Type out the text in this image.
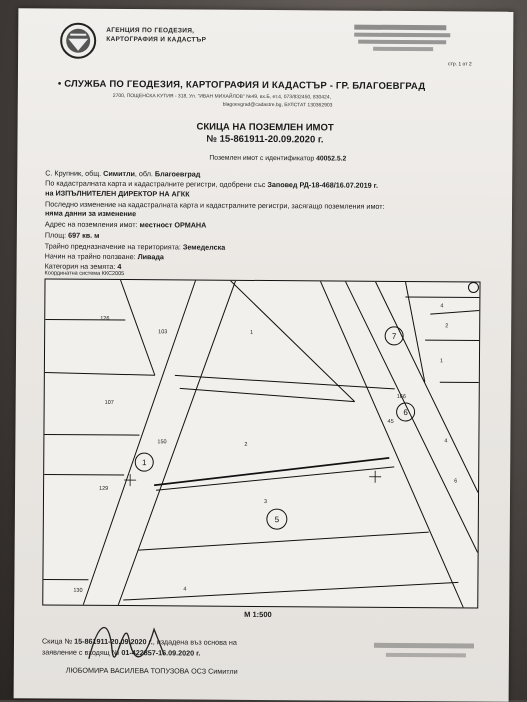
АГЕНЦИЯ ПО ГЕОДЕЗИЯ,
КАРТОГРАФИЯ И КАДАСТЪР
стр. 1 от 2
• СЛУЖБА ПО ГЕОДЕЗИЯ, КАРТОГРАФИЯ И КАДАСТЪР - ГР. БЛАГОЕВГРАД
2700, ПОЩЕНСКА КУТИЯ - 318, Ул. "ИВАН МИХАЙЛОВ" №49, вх.Б, ет.4, 073/832450, 830424,
blagoevgrad@cadastre.bg, БУЛСТАТ 130362903
СКИЦА НА ПОЗЕМЛЕН ИМОТ
№ 15-861911-20.09.2020 г.
Поземлен имот с идентификатор 40052.5.2
С. Крупник, общ. Симитли, обл. Благоевград
По кадастралната карта и кадастралните регистри, одобрени със Заповед РД-18-468/16.07.2019 г.
на ИЗПЪЛНИТЕЛЕН ДИРЕКТОР НА АГКК
Последно изменение на кадастралната карта и кадастралните регистри, засягащо поземления имот:
няма данни за изменение
Адрес на поземления имот: местност ОРМАНА
Площ: 697 кв. м
Трайно предназначение на територията: Земеделска
Начин на трайно ползване: Ливада
Категория на земята: 4
Координатна система ККС2005
1
5
6
7
126
103	1
107
150	2
129
3
4
130
4
166
45
4
2
1
6
М 1:500
Скица № 15-861911-20.09.2020 г., издадена въз основа на
заявление с входящ № 01-422857-16.09.2020 г.
ЛЮБОМИРА ВАСИЛЕВА ТОПУЗОВА ОСЗ Симитли
